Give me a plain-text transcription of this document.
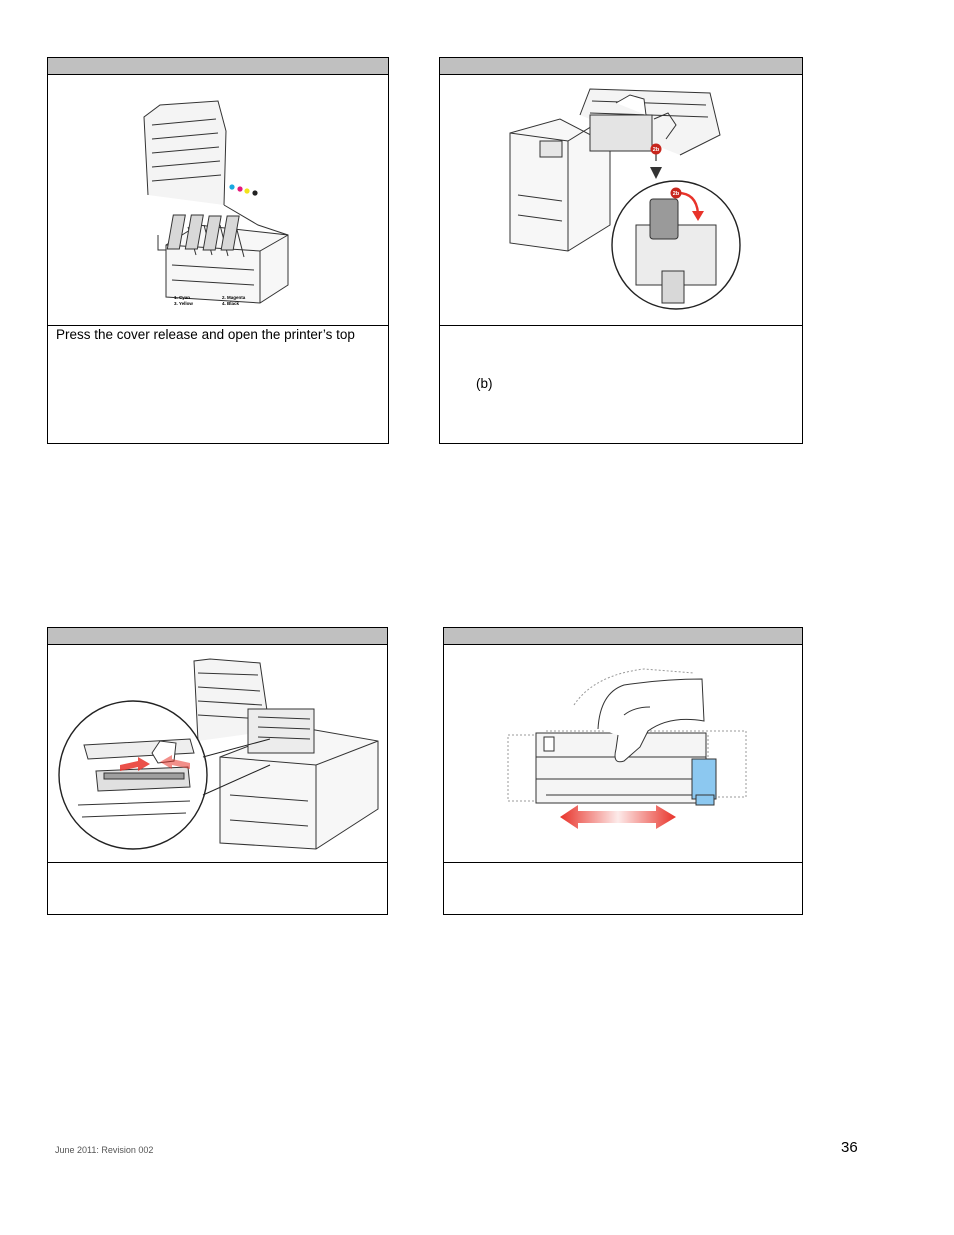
1. Cyan	2. Magenta
3. Yellow	4. Black
Press the cover release and open the printer’s top
2b
2b
(b)
June 2011: Revision 002	36
